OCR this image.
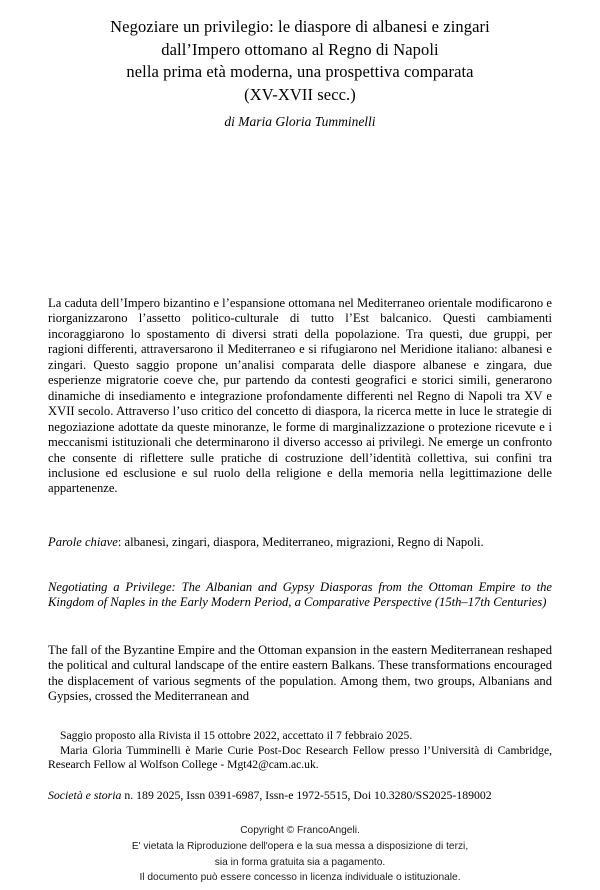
Negoziare un privilegio: le diaspore di albanesi e zingari
dall’Impero ottomano al Regno di Napoli
nella prima età moderna, una prospettiva comparata
(XV-XVII secc.)
di Maria Gloria Tumminelli
La caduta dell’Impero bizantino e l’espansione ottomana nel Mediterraneo orientale modificarono e riorganizzarono l’assetto politico-culturale di tutto l’Est balcanico. Questi cambiamenti incoraggiarono lo spostamento di diversi strati della popolazione. Tra questi, due gruppi, per ragioni differenti, attraversarono il Mediterraneo e si rifugiarono nel Meridione italiano: albanesi e zingari. Questo saggio propone un’analisi comparata delle diaspore albanese e zingara, due esperienze migratorie coeve che, pur partendo da contesti geografici e storici simili, generarono dinamiche di insediamento e integrazione profondamente differenti nel Regno di Napoli tra XV e XVII secolo. Attraverso l’uso critico del concetto di diaspora, la ricerca mette in luce le strategie di negoziazione adottate da queste minoranze, le forme di marginalizzazione o protezione ricevute e i meccanismi istituzionali che determinarono il diverso accesso ai privilegi. Ne emerge un confronto che consente di riflettere sulle pratiche di costruzione dell’identità collettiva, sui confini tra inclusione ed esclusione e sul ruolo della religione e della memoria nella legittimazione delle appartenenze.
Parole chiave: albanesi, zingari, diaspora, Mediterraneo, migrazioni, Regno di Napoli.
Negotiating a Privilege: The Albanian and Gypsy Diasporas from the Ottoman Empire to the Kingdom of Naples in the Early Modern Period, a Comparative Perspective (15th–17th Centuries)
The fall of the Byzantine Empire and the Ottoman expansion in the eastern Mediterranean reshaped the political and cultural landscape of the entire eastern Balkans. These transformations encouraged the displacement of various segments of the population. Among them, two groups, Albanians and Gypsies, crossed the Mediterranean and

Saggio proposto alla Rivista il 15 ottobre 2022, accettato il 7 febbraio 2025.

Maria Gloria Tumminelli è Marie Curie Post-Doc Research Fellow presso l’Università di Cambridge, Research Fellow al Wolfson College - Mgt42@cam.ac.uk.

Società e storia n. 189 2025, Issn 0391-6987, Issn-e 1972-5515, Doi 10.3280/SS2025-189002
Copyright © FrancoAngeli.
E' vietata la Riproduzione dell'opera e la sua messa a disposizione di terzi,
sia in forma gratuita sia a pagamento.
Il documento può essere concesso in licenza individuale o istituzionale.
